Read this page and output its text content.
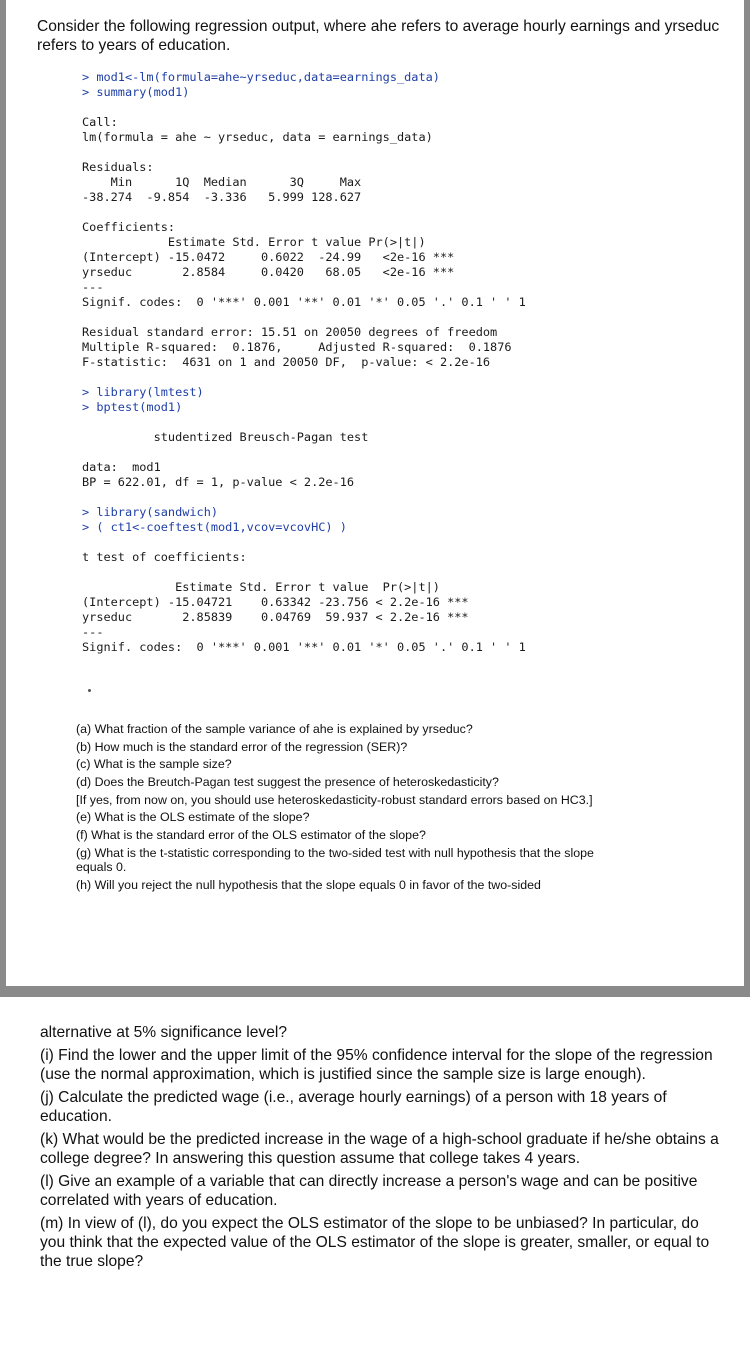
Consider the following regression output, where ahe refers to average hourly earnings and yrseduc refers to years of education.
> mod1<-lm(formula=ahe~yrseduc,data=earnings_data)
> summary(mod1)

Call:
lm(formula = ahe ~ yrseduc, data = earnings_data)

Residuals:
Min      1Q  Median      3Q     Max
-38.274  -9.854  -3.336   5.999 128.627

Coefficients:
Estimate Std. Error t value Pr(>|t|)
(Intercept) -15.0472     0.6022  -24.99   <2e-16 ***
yrseduc       2.8584     0.0420   68.05   <2e-16 ***
---
Signif. codes:  0 '***' 0.001 '**' 0.01 '*' 0.05 '.' 0.1 ' ' 1

Residual standard error: 15.51 on 20050 degrees of freedom
Multiple R-squared:  0.1876,     Adjusted R-squared:  0.1876
F-statistic:  4631 on 1 and 20050 DF,  p-value: < 2.2e-16

> library(lmtest)
> bptest(mod1)

studentized Breusch-Pagan test

data:  mod1
BP = 622.01, df = 1, p-value < 2.2e-16

> library(sandwich)
> ( ct1<-coeftest(mod1,vcov=vcovHC) )

t test of coefficients:

Estimate Std. Error t value  Pr(>|t|)
(Intercept) -15.04721    0.63342 -23.756 < 2.2e-16 ***
yrseduc       2.85839    0.04769  59.937 < 2.2e-16 ***
---
Signif. codes:  0 '***' 0.001 '**' 0.01 '*' 0.05 '.' 0.1 ' ' 1
(a) What fraction of the sample variance of ahe is explained by yrseduc?
(b) How much is the standard error of the regression (SER)?
(c) What is the sample size?
(d) Does the Breutch-Pagan test suggest the presence of heteroskedasticity?
[If yes, from now on, you should use heteroskedasticity-robust standard errors based on HC3.]
(e) What is the OLS estimate of the slope?
(f) What is the standard error of the OLS estimator of the slope?
(g) What is the t-statistic corresponding to the two-sided test with null hypothesis that the slope equals 0.
(h) Will you reject the null hypothesis that the slope equals 0 in favor of the two-sided
alternative at 5% significance level?
(i) Find the lower and the upper limit of the 95% confidence interval for the slope of the regression (use the normal approximation, which is justified since the sample size is large enough).
(j) Calculate the predicted wage (i.e., average hourly earnings) of a person with 18 years of education.
(k) What would be the predicted increase in the wage of a high-school graduate if he/she obtains a college degree? In answering this question assume that college takes 4 years.
(l) Give an example of a variable that can directly increase a person's wage and can be positive correlated with years of education.
(m) In view of (l), do you expect the OLS estimator of the slope to be unbiased? In particular, do you think that the expected value of the OLS estimator of the slope is greater, smaller, or equal to the true slope?
